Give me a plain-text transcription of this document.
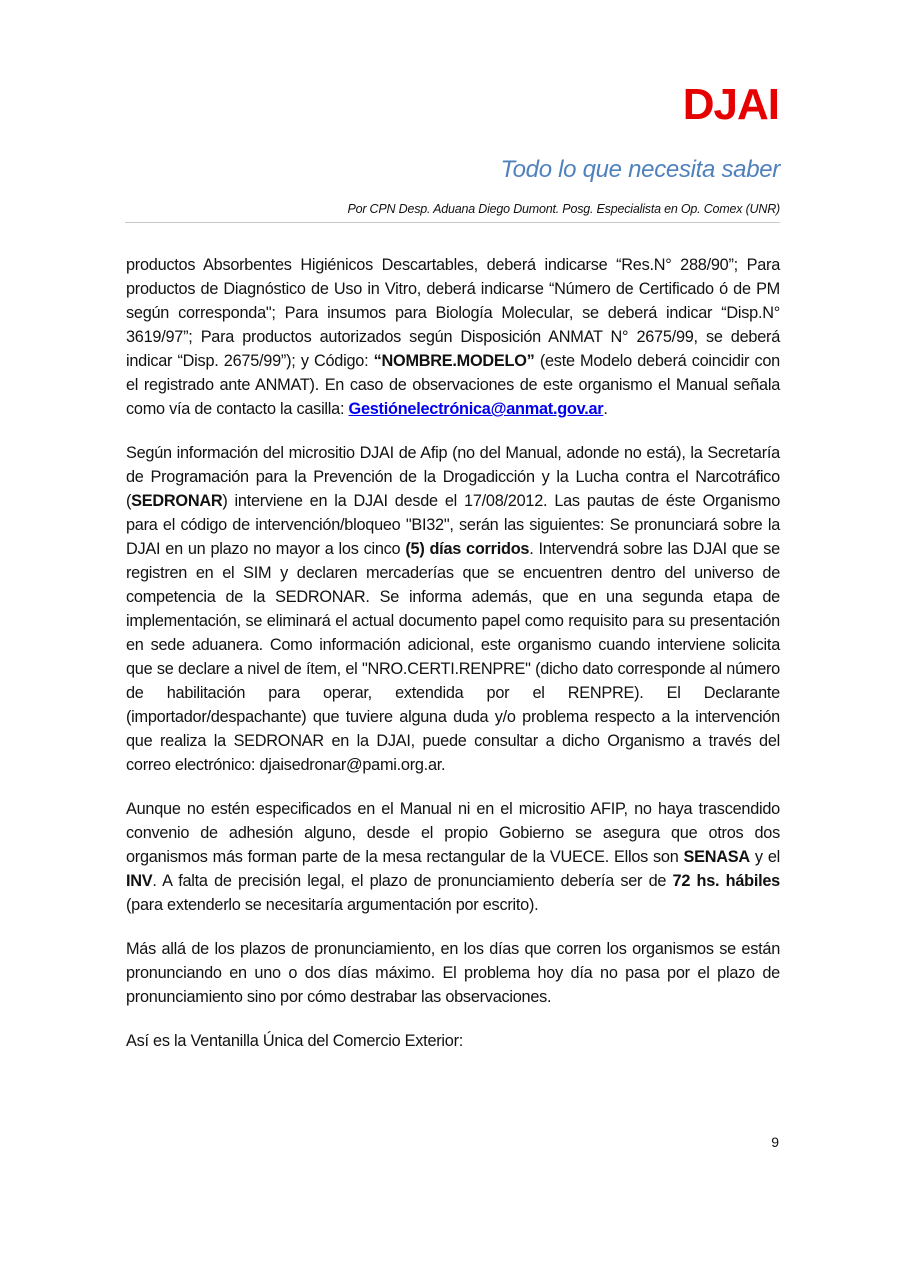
DJAI
Todo lo que necesita saber
Por CPN Desp. Aduana Diego Dumont. Posg. Especialista en Op. Comex (UNR)

productos Absorbentes Higiénicos Descartables, deberá indicarse “Res.N° 288/90”; Para productos de Diagnóstico de Uso in Vitro, deberá indicarse “Número de Certificado ó de PM según corresponda"; Para insumos para Biología Molecular, se deberá indicar “Disp.N° 3619/97”; Para productos autorizados según Disposición ANMAT N° 2675/99, se deberá indicar “Disp. 2675/99”); y Código: “NOMBRE.MODELO” (este Modelo deberá coincidir con el registrado ante ANMAT). En caso de observaciones de este organismo el Manual señala como vía de contacto la casilla: Gestiónelectrónica@anmat.gov.ar.

Según información del micrositio DJAI de Afip (no del Manual, adonde no está), la Secretaría de Programación para la Prevención de la Drogadicción y la Lucha contra el Narcotráfico (SEDRONAR) interviene en la DJAI desde el 17/08/2012. Las pautas de éste Organismo para el código de intervención/bloqueo "BI32", serán las siguientes: Se pronunciará sobre la DJAI en un plazo no mayor a los cinco (5) días corridos. Intervendrá sobre las DJAI que se registren en el SIM y declaren mercaderías que se encuentren dentro del universo de competencia de la SEDRONAR. Se informa además, que en una segunda etapa de implementación, se eliminará el actual documento papel como requisito para su presentación en sede aduanera. Como información adicional, este organismo cuando interviene solicita que se declare a nivel de ítem, el "NRO.CERTI.RENPRE" (dicho dato corresponde al número de habilitación para operar, extendida por el RENPRE). El Declarante (importador/despachante) que tuviere alguna duda y/o problema respecto a la intervención que realiza la SEDRONAR en la DJAI, puede consultar a dicho Organismo a través del correo electrónico: djaisedronar@pami.org.ar.

Aunque no estén especificados en el Manual ni en el micrositio AFIP, no haya trascendido convenio de adhesión alguno, desde el propio Gobierno se asegura que otros dos organismos más forman parte de la mesa rectangular de la VUECE. Ellos son SENASA y el INV. A falta de precisión legal, el plazo de pronunciamiento debería ser de 72 hs. hábiles (para extenderlo se necesitaría argumentación por escrito).

Más allá de los plazos de pronunciamiento, en los días que corren los organismos se están pronunciando en uno o dos días máximo. El problema hoy día no pasa por el plazo de pronunciamiento sino por cómo destrabar las observaciones.

Así es la Ventanilla Única del Comercio Exterior:

9
